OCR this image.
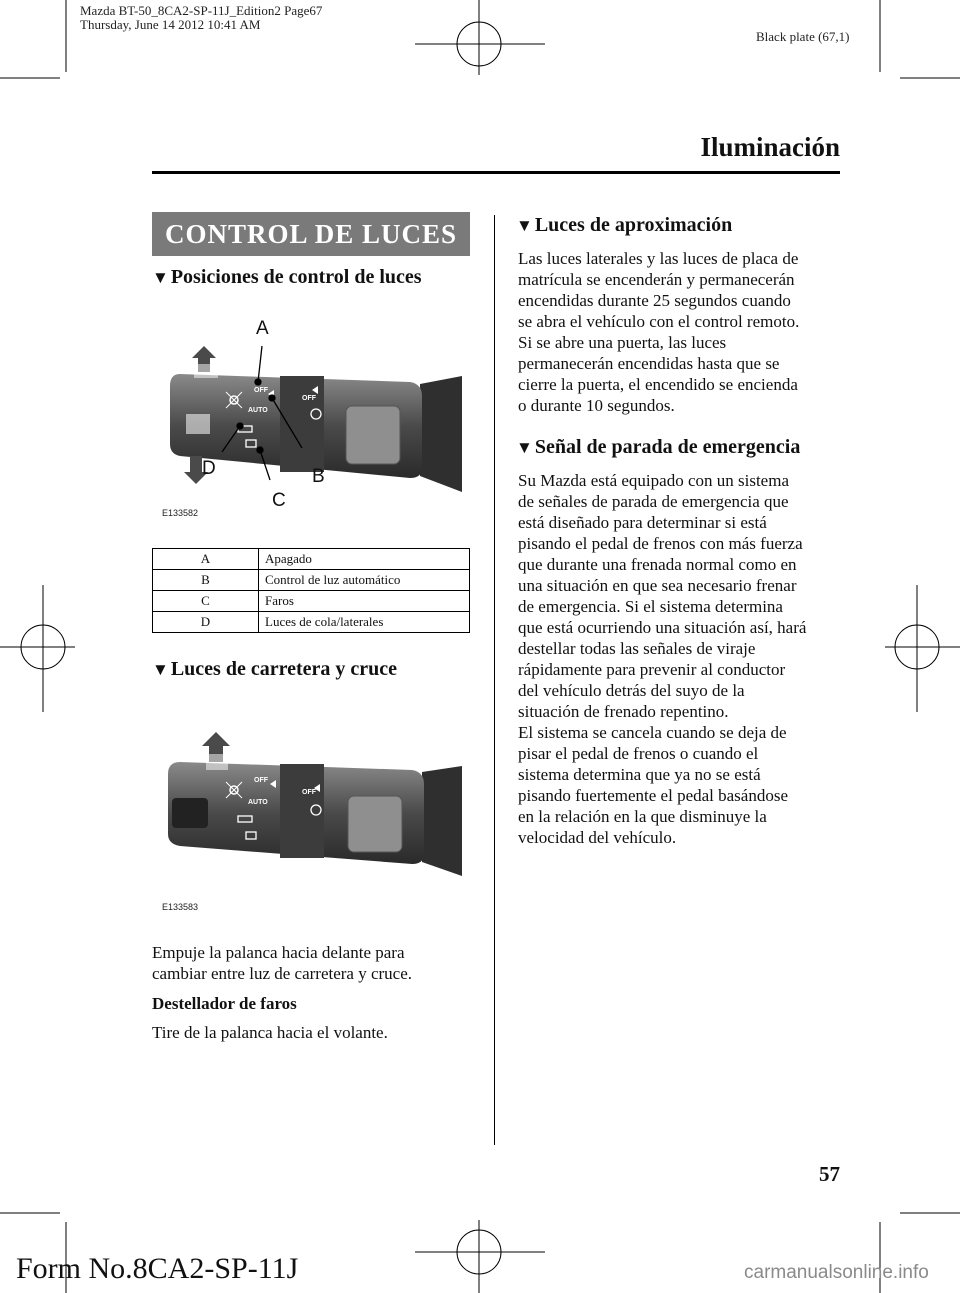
Mazda BT-50_8CA2-SP-11J_Edition2 Page67
Thursday, June 14 2012 10:41 AM
Black plate (67,1)
Iluminación
CONTROL DE LUCES
▼ Posiciones de control de luces
OFF
AUTO
OFF
A
B
C
D
E133582
A	Apagado
B	Control de luz automático
C	Faros
D	Luces de cola/laterales
▼ Luces de carretera y cruce
OFF
AUTO
OFF
E133583

Empuje la palanca hacia delante para

cambiar entre luz de carretera y cruce.

Destellador de faros
Tire de la palanca hacia el volante.
▼ Luces de aproximación

Las luces laterales y las luces de placa de

matrícula se encenderán y permanecerán

encendidas durante 25 segundos cuando

se abra el vehículo con el control remoto.

Si se abre una puerta, las luces

permanecerán encendidas hasta que se

cierre la puerta, el encendido se encienda

o durante 10 segundos.

▼ Señal de parada de emergencia

Su Mazda está equipado con un sistema

de señales de parada de emergencia que

está diseñado para determinar si está

pisando el pedal de frenos con más fuerza

que durante una frenada normal como en

una situación en que sea necesario frenar

de emergencia. Si el sistema determina

que está ocurriendo una situación así, hará

destellar todas las señales de viraje

rápidamente para prevenir al conductor

del vehículo detrás del suyo de la

situación de frenado repentino.

El sistema se cancela cuando se deja de

pisar el pedal de frenos o cuando el

sistema determina que ya no se está

pisando fuertemente el pedal basándose

en la relación en la que disminuye la

velocidad del vehículo.

57
Form No.8CA2-SP-11J	carmanualsonline.info
